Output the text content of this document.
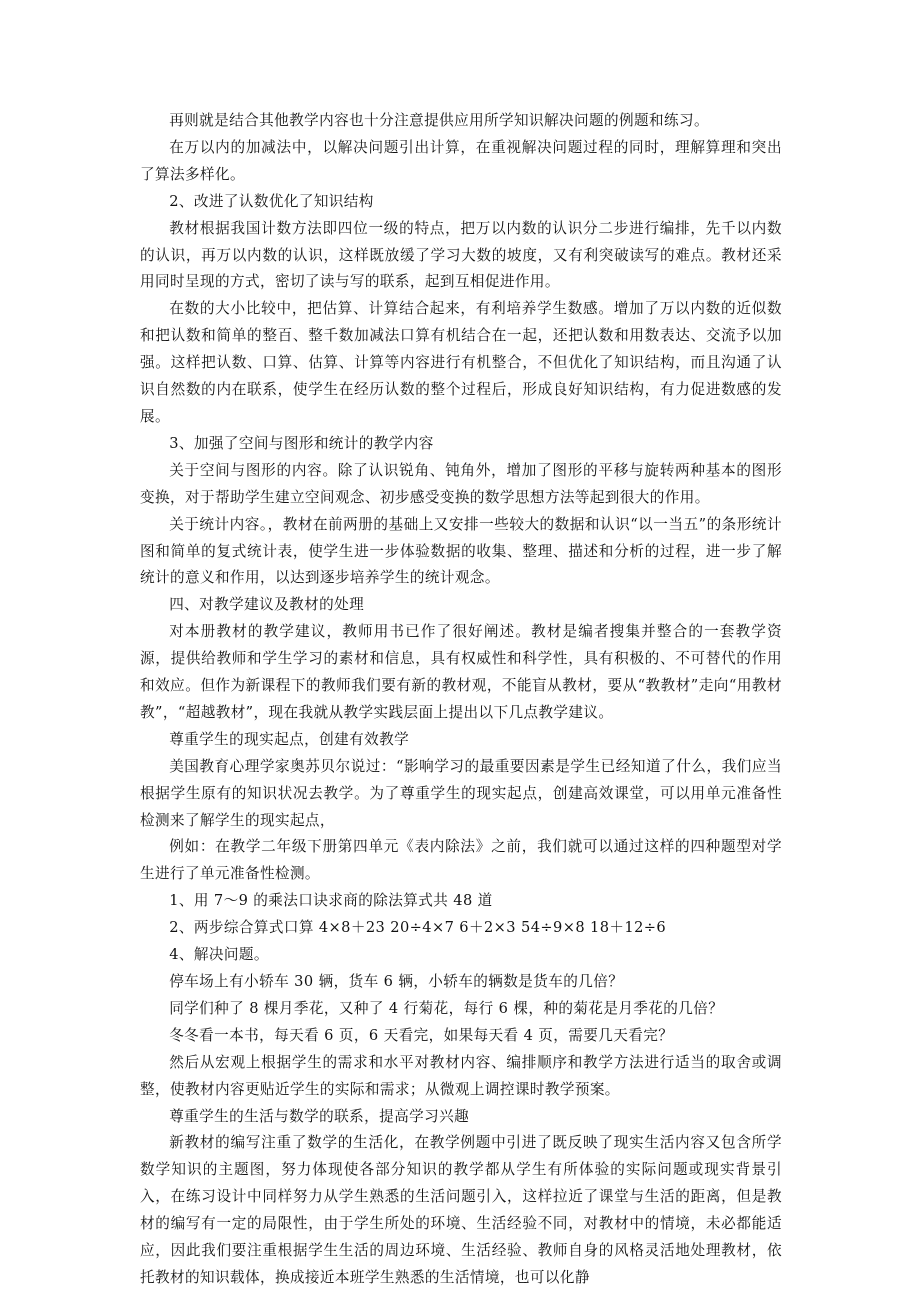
再则就是结合其他教学内容也十分注意提供应用所学知识解决问题的例题和练习。

在万以内的加减法中，以解决问题引出计算，在重视解决问题过程的同时，理解算理和突出了算法多样化。

2、改进了认数优化了知识结构

教材根据我国计数方法即四位一级的特点，把万以内数的认识分二步进行编排，先千以内数的认识，再万以内数的认识，这样既放缓了学习大数的坡度，又有利突破读写的难点。教材还采用同时呈现的方式，密切了读与写的联系，起到互相促进作用。

在数的大小比较中，把估算、计算结合起来，有利培养学生数感。增加了万以内数的近似数和把认数和简单的整百、整千数加减法口算有机结合在一起，还把认数和用数表达、交流予以加强。这样把认数、口算、估算、计算等内容进行有机整合，不但优化了知识结构，而且沟通了认识自然数的内在联系，使学生在经历认数的整个过程后，形成良好知识结构，有力促进数感的发展。

3、加强了空间与图形和统计的教学内容

关于空间与图形的内容。除了认识锐角、钝角外，增加了图形的平移与旋转两种基本的图形变换，对于帮助学生建立空间观念、初步感受变换的数学思想方法等起到很大的作用。

关于统计内容。，教材在前两册的基础上又安排一些较大的数据和认识“以一当五”的条形统计图和简单的复式统计表，使学生进一步体验数据的收集、整理、描述和分析的过程，进一步了解统计的意义和作用，以达到逐步培养学生的统计观念。

四、对教学建议及教材的处理

对本册教材的教学建议，教师用书已作了很好阐述。教材是编者搜集并整合的一套教学资源，提供给教师和学生学习的素材和信息，具有权威性和科学性，具有积极的、不可替代的作用和效应。但作为新课程下的教师我们要有新的教材观，不能盲从教材，要从“教教材”走向“用教材教”，“超越教材”，现在我就从教学实践层面上提出以下几点教学建议。

尊重学生的现实起点，创建有效教学

美国教育心理学家奥苏贝尔说过：“影响学习的最重要因素是学生已经知道了什么，我们应当根据学生原有的知识状况去教学。为了尊重学生的现实起点，创建高效课堂，可以用单元准备性检测来了解学生的现实起点，

例如：在教学二年级下册第四单元《表内除法》之前，我们就可以通过这样的四种题型对学生进行了单元准备性检测。

1、用 7～9 的乘法口诀求商的除法算式共 48 道

2、两步综合算式口算 4×8＋23 20÷4×7 6＋2×3 54÷9×8 18＋12÷6

4、解决问题。

停车场上有小轿车 30 辆，货车 6 辆，小轿车的辆数是货车的几倍？

同学们种了 8 棵月季花，又种了 4 行菊花，每行 6 棵，种的菊花是月季花的几倍？

冬冬看一本书，每天看 6 页，6 天看完，如果每天看 4 页，需要几天看完？

然后从宏观上根据学生的需求和水平对教材内容、编排顺序和教学方法进行适当的取舍或调整，使教材内容更贴近学生的实际和需求；从微观上调控课时教学预案。

尊重学生的生活与数学的联系，提高学习兴趣

新教材的编写注重了数学的生活化，在教学例题中引进了既反映了现实生活内容又包含所学数学知识的主题图，努力体现使各部分知识的教学都从学生有所体验的实际问题或现实背景引入，在练习设计中同样努力从学生熟悉的生活问题引入，这样拉近了课堂与生活的距离，但是教材的编写有一定的局限性，由于学生所处的环境、生活经验不同，对教材中的情境，未必都能适应，因此我们要注重根据学生生活的周边环境、生活经验、教师自身的风格灵活地处理教材，依托教材的知识载体，换成接近本班学生熟悉的生活情境，也可以化静
